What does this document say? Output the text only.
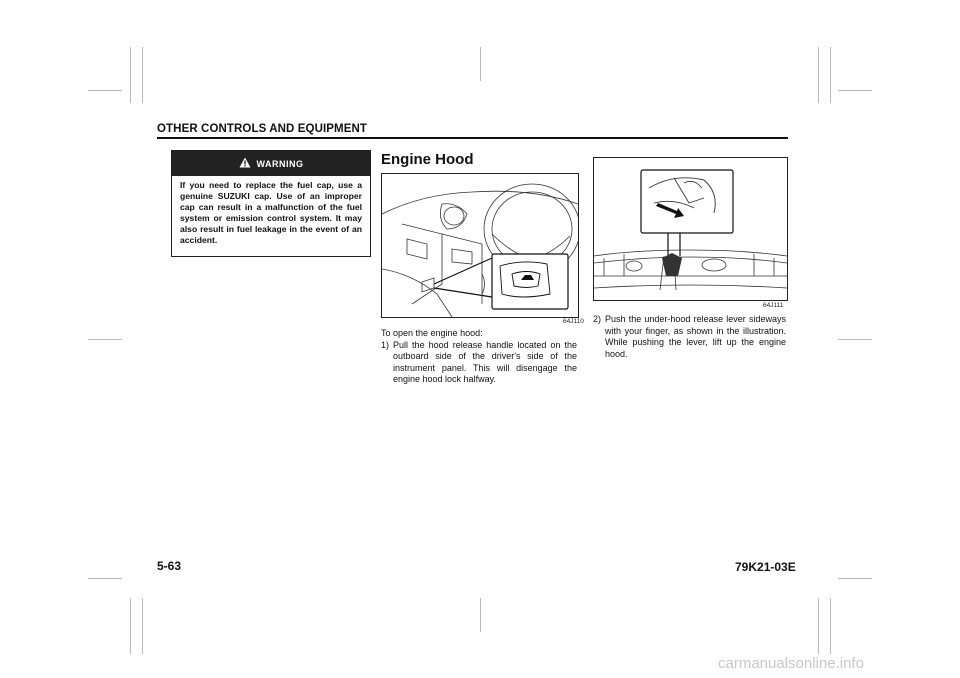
OTHER CONTROLS AND EQUIPMENT
WARNING
If you need to replace the fuel cap, use a genuine SUZUKI cap. Use of an improper cap can result in a malfunction of the fuel system or emission control system. It may also result in fuel leakage in the event of an accident.
Engine Hood
64J110
64J111
To open the engine hood:
1) Pull the hood release handle located on the outboard side of the driver's side of the instrument panel. This will disengage the engine hood lock halfway.
2) Push the under-hood release lever sideways with your finger, as shown in the illustration. While pushing the lever, lift up the engine hood.
5-63	79K21-03E
carmanualsonline.info
